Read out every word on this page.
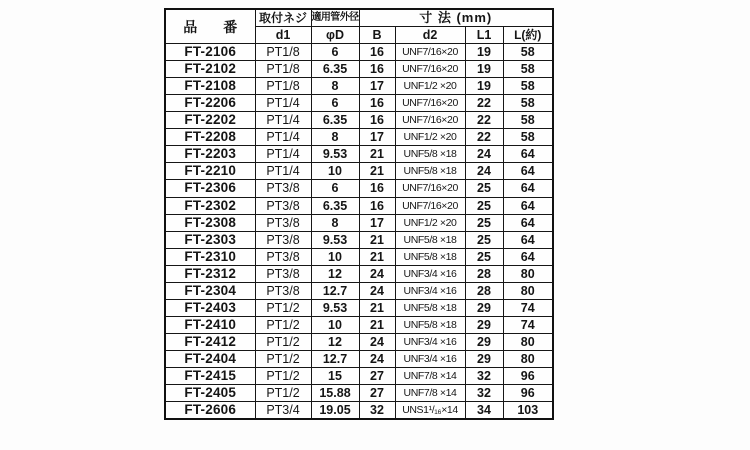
品　番	取付ネジ	適用管外径	寸 法 (mm)			
	d1	φD	B	d2	L1	L(約)
FT-2106	PT1/8	6	16	UNF7/16×20	19	58
FT-2102	PT1/8	6.35	16	UNF7/16×20	19	58
FT-2108	PT1/8	8	17	UNF1/2 ×20	19	58
FT-2206	PT1/4	6	16	UNF7/16×20	22	58
FT-2202	PT1/4	6.35	16	UNF7/16×20	22	58
FT-2208	PT1/4	8	17	UNF1/2 ×20	22	58
FT-2203	PT1/4	9.53	21	UNF5/8 ×18	24	64
FT-2210	PT1/4	10	21	UNF5/8 ×18	24	64
FT-2306	PT3/8	6	16	UNF7/16×20	25	64
FT-2302	PT3/8	6.35	16	UNF7/16×20	25	64
FT-2308	PT3/8	8	17	UNF1/2 ×20	25	64
FT-2303	PT3/8	9.53	21	UNF5/8 ×18	25	64
FT-2310	PT3/8	10	21	UNF5/8 ×18	25	64
FT-2312	PT3/8	12	24	UNF3/4 ×16	28	80
FT-2304	PT3/8	12.7	24	UNF3/4 ×16	28	80
FT-2403	PT1/2	9.53	21	UNF5/8 ×18	29	74
FT-2410	PT1/2	10	21	UNF5/8 ×18	29	74
FT-2412	PT1/2	12	24	UNF3/4 ×16	29	80
FT-2404	PT1/2	12.7	24	UNF3/4 ×16	29	80
FT-2415	PT1/2	15	27	UNF7/8 ×14	32	96
FT-2405	PT1/2	15.88	27	UNF7/8 ×14	32	96
FT-2606	PT3/4	19.05	32	UNS1¹/₁₆×14	34	103
